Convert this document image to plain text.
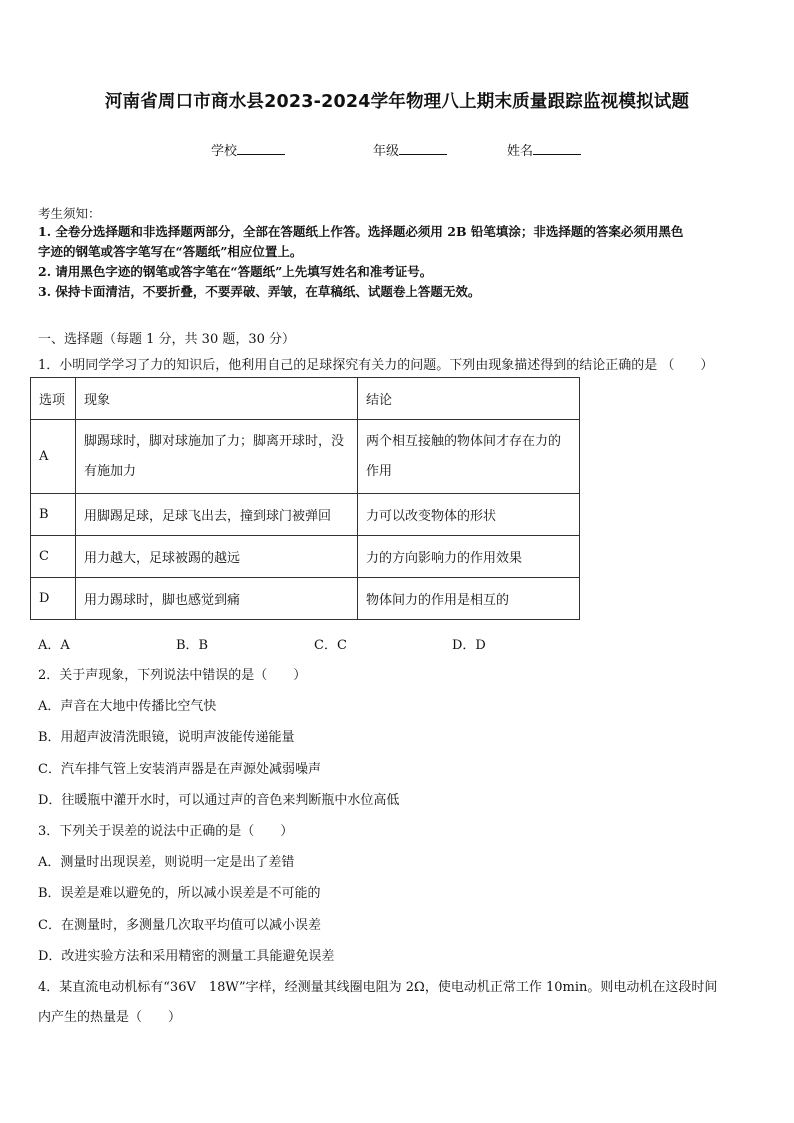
河南省周口市商水县2023-2024学年物理八上期末质量跟踪监视模拟试题
学校	年级	姓名
考生须知：
1. 全卷分选择题和非选择题两部分，全部在答题纸上作答。选择题必须用 2B 铅笔填涂；非选择题的答案必须用黑色
字迹的钢笔或答字笔写在“答题纸”相应位置上。
2. 请用黑色字迹的钢笔或答字笔在“答题纸”上先填写姓名和准考证号。
3. 保持卡面清洁，不要折叠，不要弄破、弄皱，在草稿纸、试题卷上答题无效。
一、选择题（每题 1 分，共 30 题，30 分）
1．小明同学学习了力的知识后，他利用自己的足球探究有关力的问题。下列由现象描述得到的结论正确的是 （　　）
选项	现象	结论
A	脚踢球时，脚对球施加了力；脚离开球时，没有施加力	两个相互接触的物体间才存在力的作用
B	用脚踢足球，足球飞出去，撞到球门被弹回	力可以改变物体的形状
C	用力越大，足球被踢的越远	力的方向影响力的作用效果
D	用力踢球时，脚也感觉到痛	物体间力的作用是相互的
A．A	B．B	C．C	D．D
2．关于声现象，下列说法中错误的是（　　）
A．声音在大地中传播比空气快
B．用超声波清洗眼镜，说明声波能传递能量
C．汽车排气管上安装消声器是在声源处减弱噪声
D．往暖瓶中灌开水时，可以通过声的音色来判断瓶中水位高低
3．下列关于误差的说法中正确的是（　　）
A．测量时出现误差，则说明一定是出了差错
B．误差是难以避免的，所以减小误差是不可能的
C．在测量时，多测量几次取平均值可以减小误差
D．改进实验方法和采用精密的测量工具能避免误差
4．某直流电动机标有“36V　18W”字样，经测量其线圈电阻为 2Ω，使电动机正常工作 10min。则电动机在这段时间
内产生的热量是（　　）
